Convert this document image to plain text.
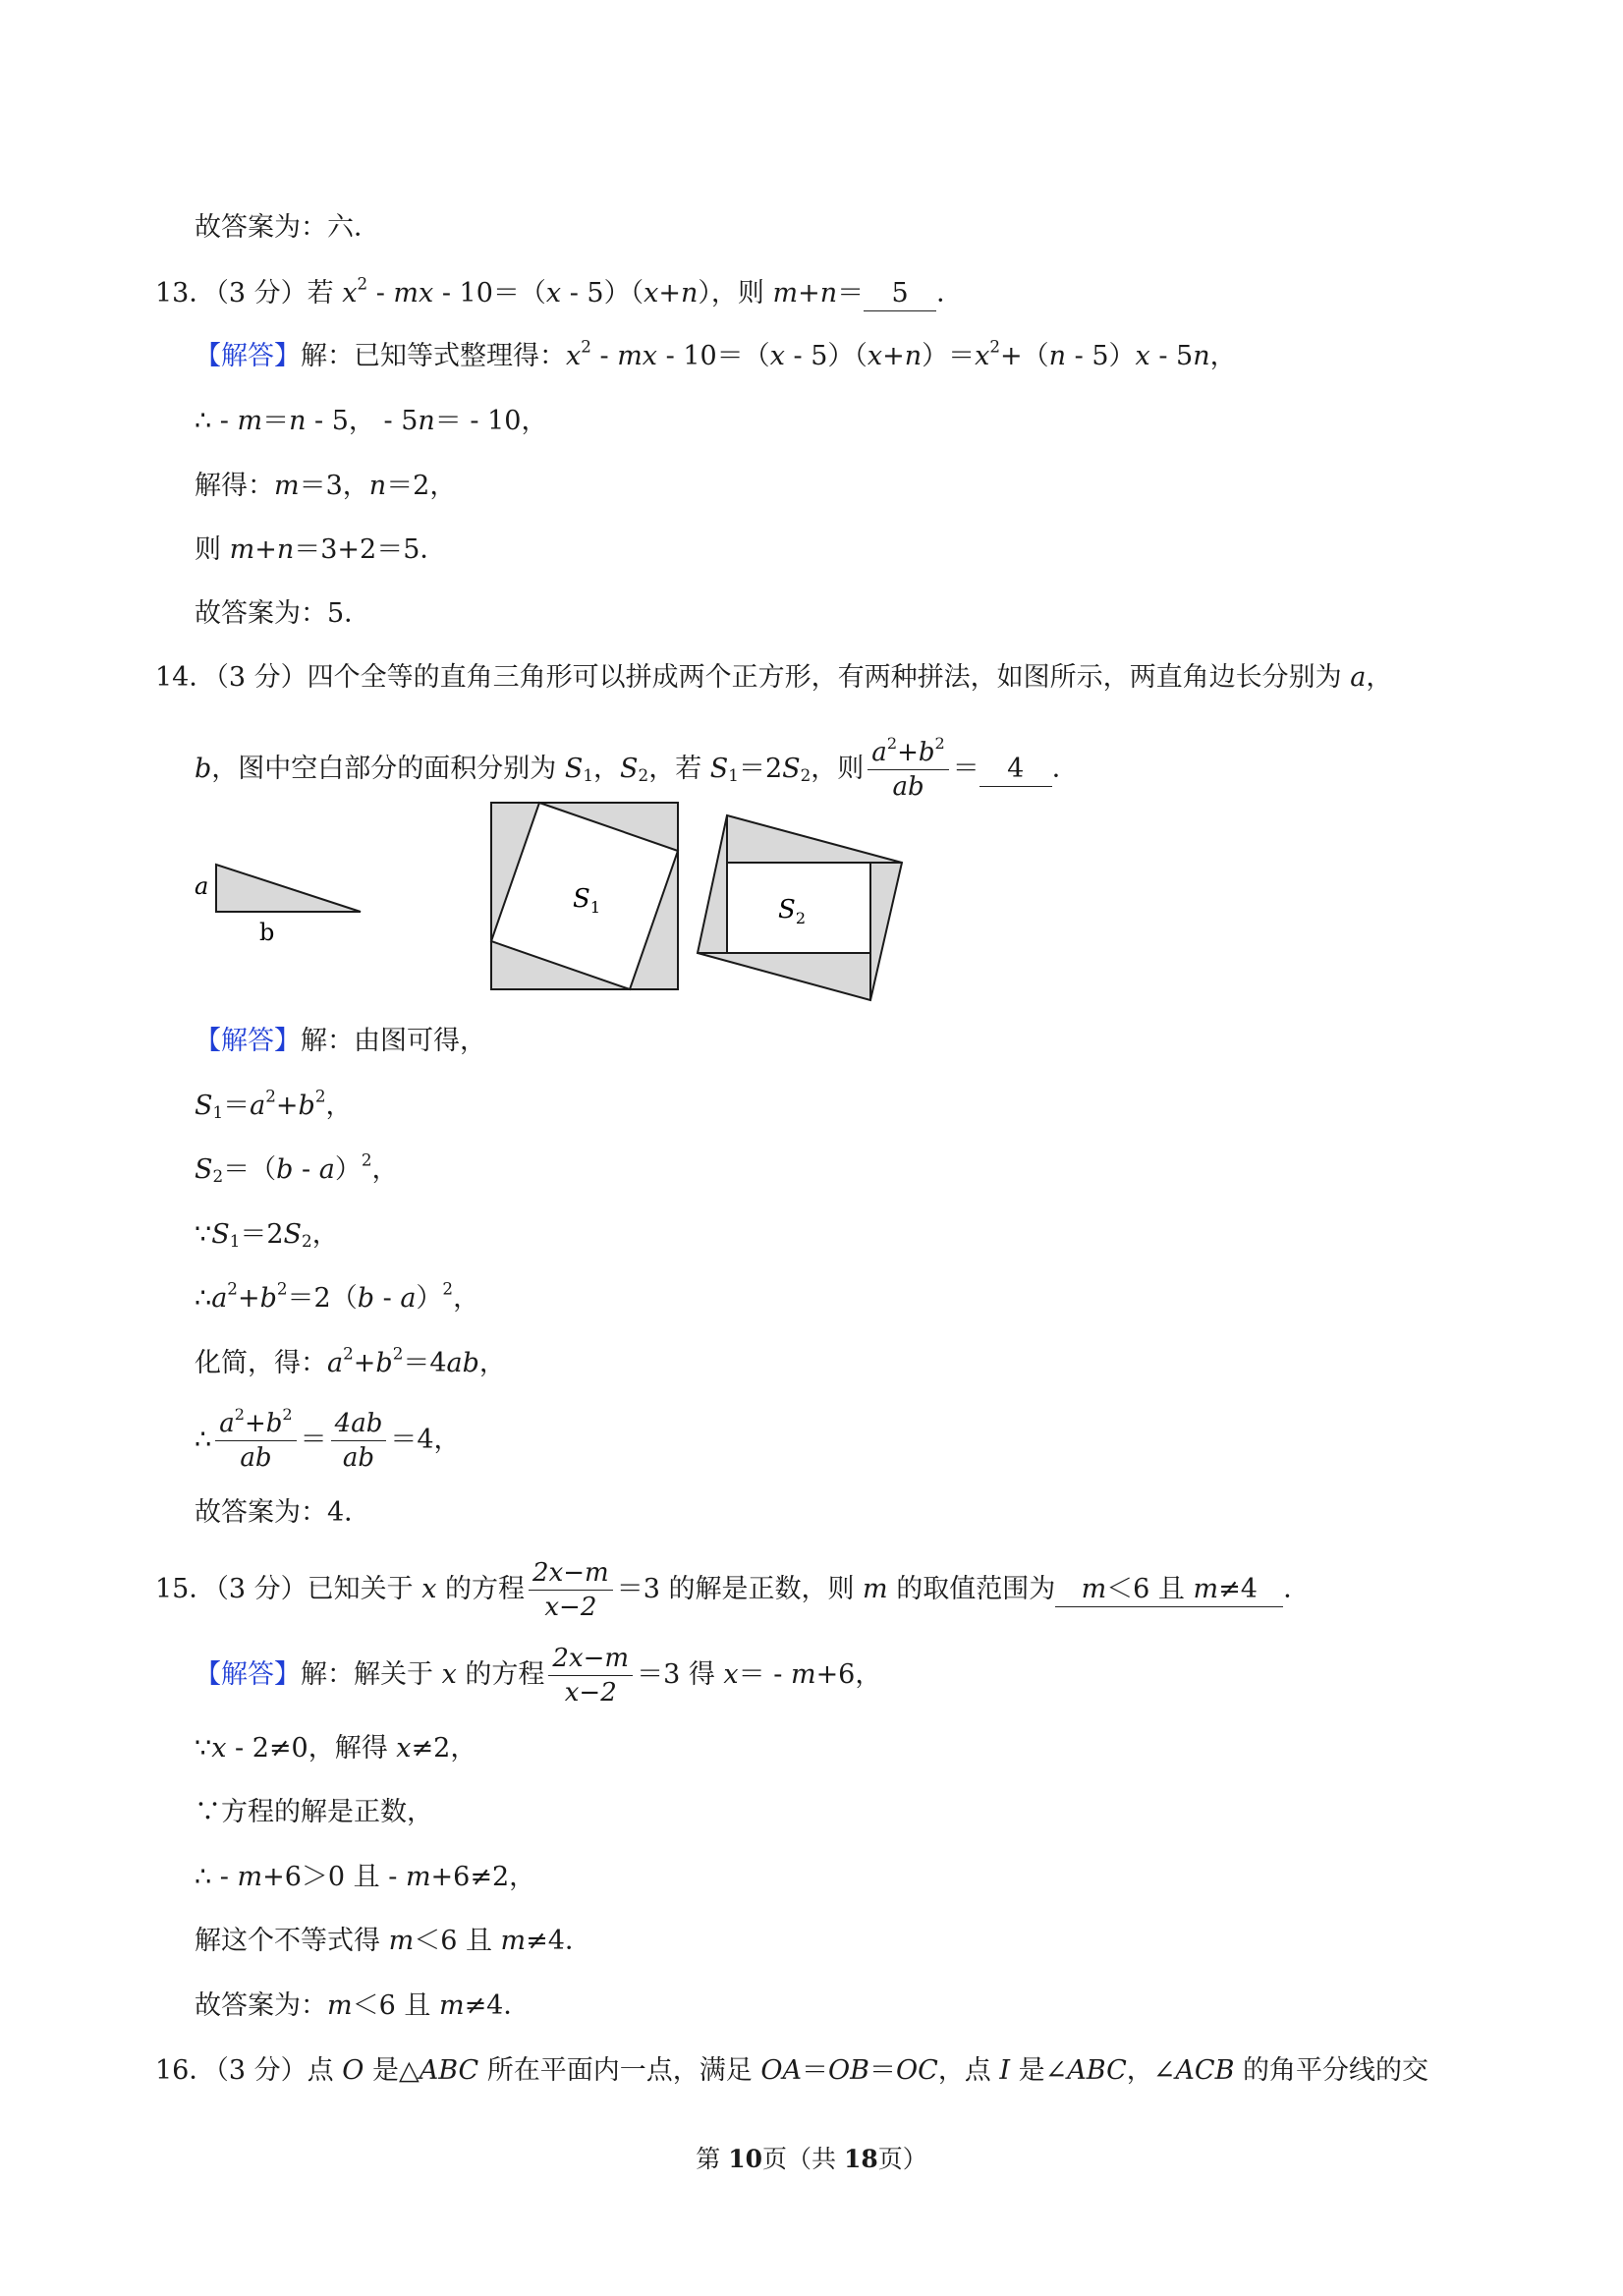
故答案为：六．
13．（3 分）若 $x^2$ - mx - 10＝（x - 5）（x+n），则 m+n＝ 5 ．
【解答】解：已知等式整理得：$x^2$ - mx - $10=(x - 5)(x+n)=x^2+(n - 5)x - 5n$，
∴ - m＝n - 5， - 5n＝ - 10，
解得：m＝3，n＝2，
则 m+n＝3+2＝5．
故答案为：5．
14．（3 分）四个全等的直角三角形可以拼成两个正方形，有两种拼法，如图所示，两直角边长分别为 a，
b，图中空白部分的面积分别为 $S_1$，$S_2$，若 $S_1=2S_2$，则 $\frac{a^2+b^2}{ab} = 4$ ．
a
b
$S_1$	$S_2$
【解答】解：由图可得，
$S_1=a^2+b^2$，
$S_2=(b - a)^2$，
$\because S_1=2S_2$，
$\therefore a^2+b^2=2(b - a)^2$，
化简，得：$a^2+b^2=4ab$，
∴ $\frac{a^2+b^2}{ab} = \frac{4ab}{ab} =4$，
故答案为：4．
15．（3 分）已知关于 x 的方程 $\frac{2x-m}{x-2} =3$ 的解是正数，则 m 的取值范围为 m＜6 且 m≠4 ．
【解答】解：解关于 x 的方程 $\frac{2x-m}{x-2} =3$ 得 x＝ - m+6，
∵x - 2≠0，解得 x≠2，
∵方程的解是正数，
∴ - m+6＞0 且 - m+6≠2，
解这个不等式得 m＜6 且 m≠4．
故答案为：m＜6 且 m≠4．
16．（3 分）点 O 是△ABC 所在平面内一点，满足 OA＝OB＝OC，点 I 是∠ABC，∠ACB 的角平分线的交
第 10页（共 18页）
